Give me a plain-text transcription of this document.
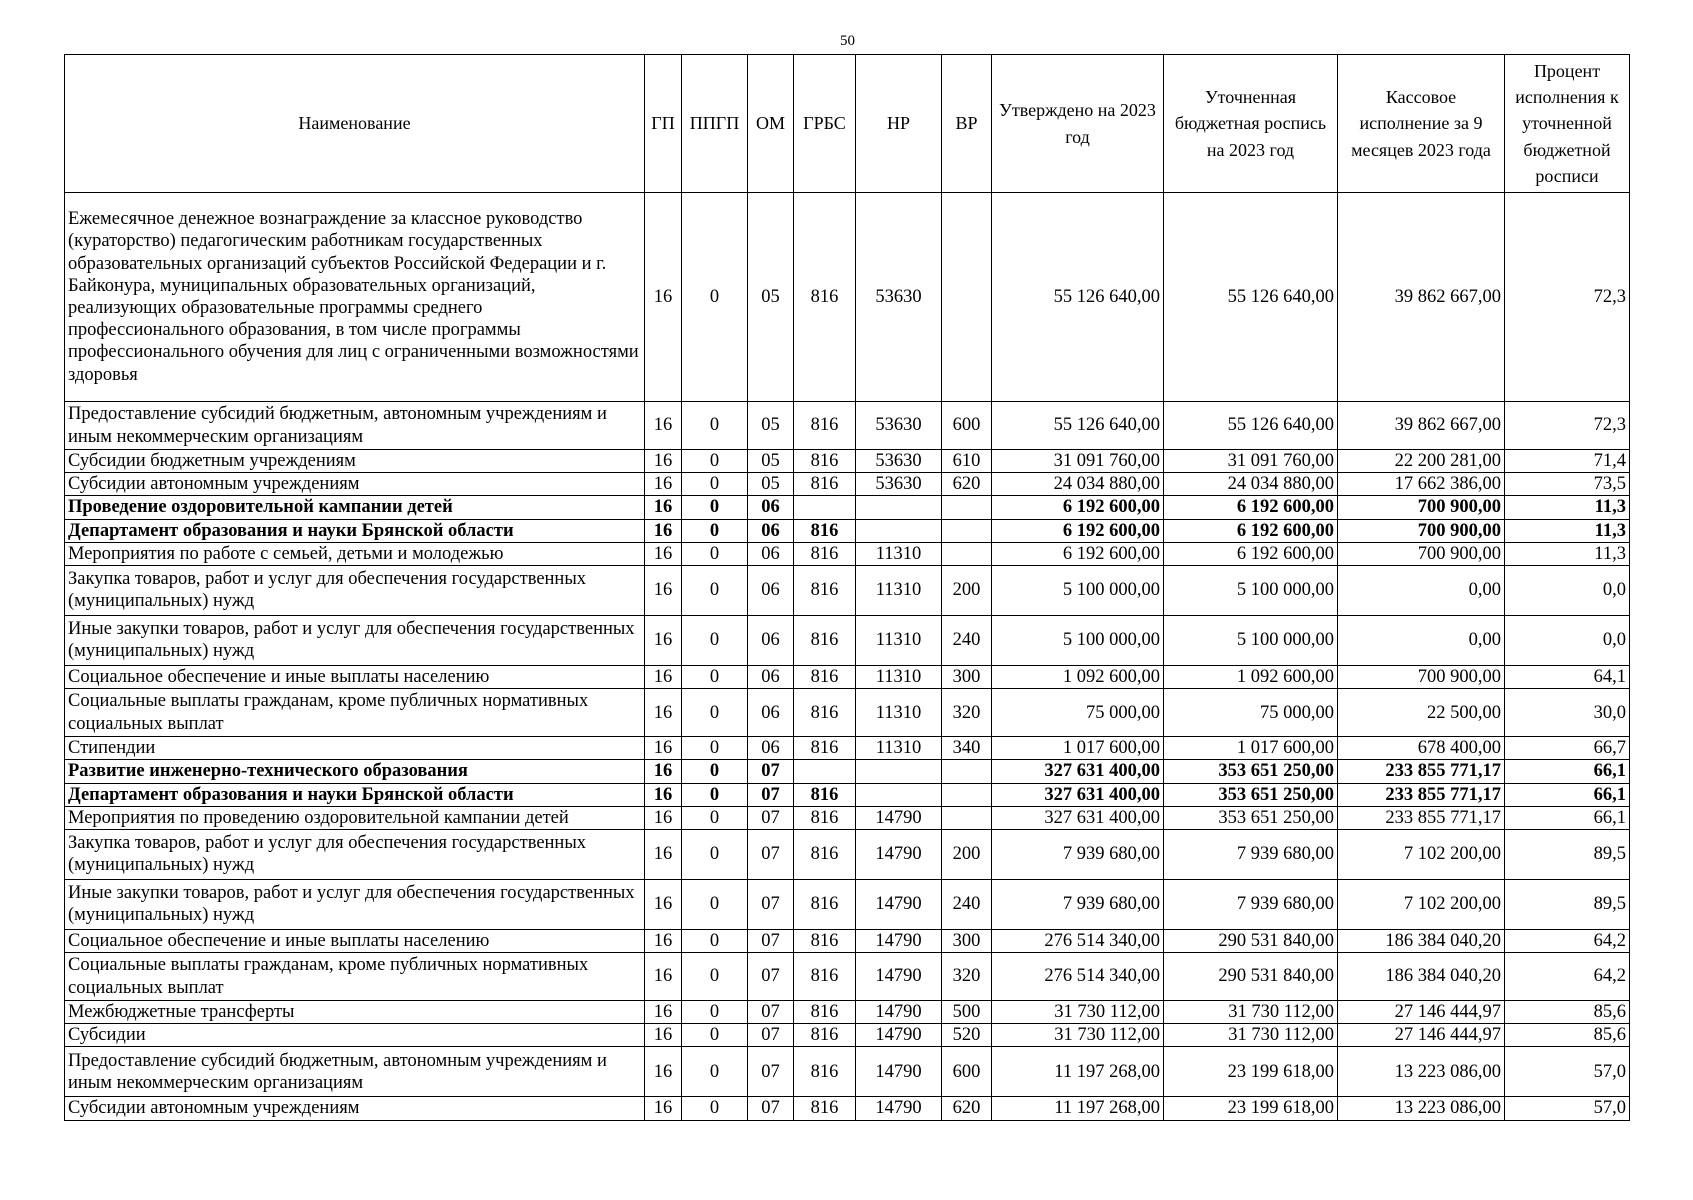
50
Наименование	ГП	ППГП	ОМ	ГРБС	НР	ВР	Утверждено на 2023 год	Уточненная бюджетная роспись на 2023 год	Кассовое исполнение за 9 месяцев 2023 года	Процент исполнения к уточненной бюджетной росписи
Ежемесячное денежное вознаграждение за классное руководство (кураторство) педагогическим работникам государственных образовательных организаций субъектов Российской Федерации и г. Байконура, муниципальных образовательных организаций, реализующих образовательные программы среднего профессионального образования, в том числе программы профессионального обучения для лиц с ограниченными возможностями здоровья	16	0	05	816	53630		55 126 640,00	55 126 640,00	39 862 667,00	72,3
Предоставление субсидий бюджетным, автономным учреждениям и иным некоммерческим организациям	16	0	05	816	53630	600	55 126 640,00	55 126 640,00	39 862 667,00	72,3
Субсидии бюджетным учреждениям	16	0	05	816	53630	610	31 091 760,00	31 091 760,00	22 200 281,00	71,4
Субсидии автономным учреждениям	16	0	05	816	53630	620	24 034 880,00	24 034 880,00	17 662 386,00	73,5
Проведение оздоровительной кампании детей	16	0	06				6 192 600,00	6 192 600,00	700 900,00	11,3
Департамент образования и науки Брянской области	16	0	06	816			6 192 600,00	6 192 600,00	700 900,00	11,3
Мероприятия по работе с семьей, детьми и молодежью	16	0	06	816	11310		6 192 600,00	6 192 600,00	700 900,00	11,3
Закупка товаров, работ и услуг для обеспечения государственных (муниципальных) нужд	16	0	06	816	11310	200	5 100 000,00	5 100 000,00	0,00	0,0
Иные закупки товаров, работ и услуг для обеспечения государственных (муниципальных) нужд	16	0	06	816	11310	240	5 100 000,00	5 100 000,00	0,00	0,0
Социальное обеспечение и иные выплаты населению	16	0	06	816	11310	300	1 092 600,00	1 092 600,00	700 900,00	64,1
Социальные выплаты гражданам, кроме публичных нормативных социальных выплат	16	0	06	816	11310	320	75 000,00	75 000,00	22 500,00	30,0
Стипендии	16	0	06	816	11310	340	1 017 600,00	1 017 600,00	678 400,00	66,7
Развитие инженерно-технического образования	16	0	07				327 631 400,00	353 651 250,00	233 855 771,17	66,1
Департамент образования и науки Брянской области	16	0	07	816			327 631 400,00	353 651 250,00	233 855 771,17	66,1
Мероприятия по проведению оздоровительной кампании детей	16	0	07	816	14790		327 631 400,00	353 651 250,00	233 855 771,17	66,1
Закупка товаров, работ и услуг для обеспечения государственных (муниципальных) нужд	16	0	07	816	14790	200	7 939 680,00	7 939 680,00	7 102 200,00	89,5
Иные закупки товаров, работ и услуг для обеспечения государственных (муниципальных) нужд	16	0	07	816	14790	240	7 939 680,00	7 939 680,00	7 102 200,00	89,5
Социальное обеспечение и иные выплаты населению	16	0	07	816	14790	300	276 514 340,00	290 531 840,00	186 384 040,20	64,2
Социальные выплаты гражданам, кроме публичных нормативных социальных выплат	16	0	07	816	14790	320	276 514 340,00	290 531 840,00	186 384 040,20	64,2
Межбюджетные трансферты	16	0	07	816	14790	500	31 730 112,00	31 730 112,00	27 146 444,97	85,6
Субсидии	16	0	07	816	14790	520	31 730 112,00	31 730 112,00	27 146 444,97	85,6
Предоставление субсидий бюджетным, автономным учреждениям и иным некоммерческим организациям	16	0	07	816	14790	600	11 197 268,00	23 199 618,00	13 223 086,00	57,0
Субсидии автономным учреждениям	16	0	07	816	14790	620	11 197 268,00	23 199 618,00	13 223 086,00	57,0
